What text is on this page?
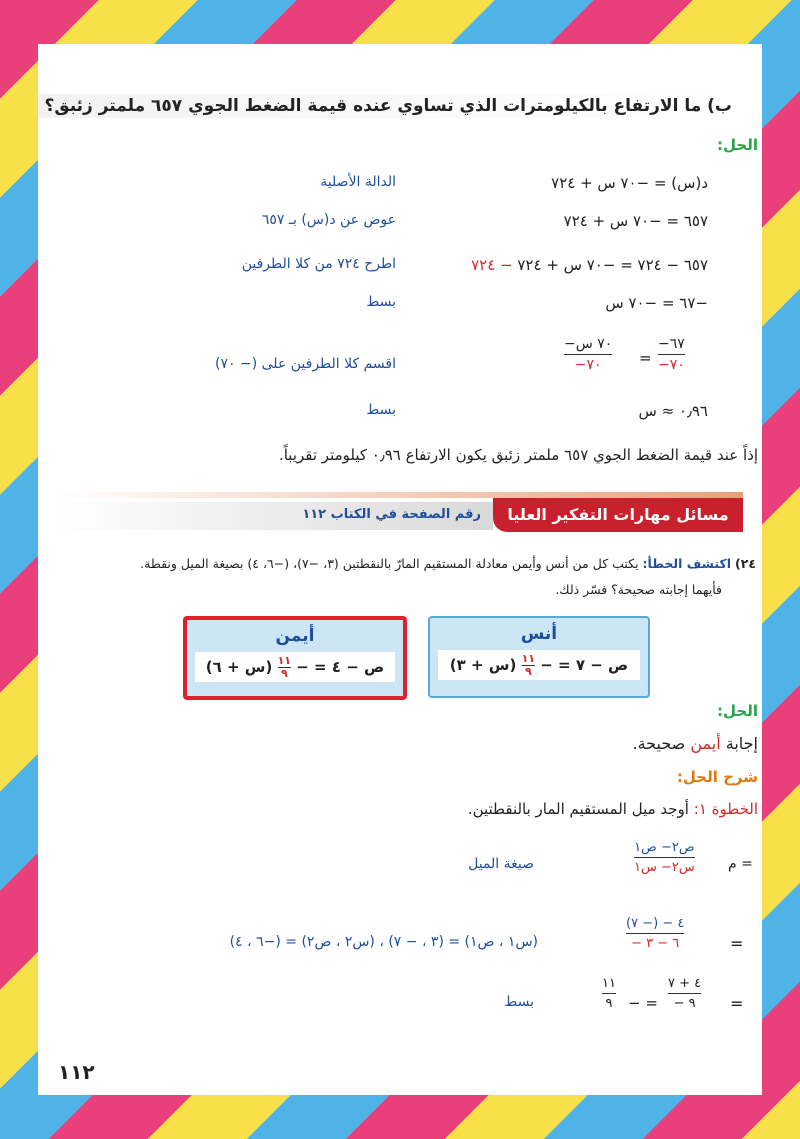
ب) ما الارتفاع بالكيلومترات الذي تساوي عنده قيمة الضغط الجوي ٦٥٧ ملمتر زئبق؟
الحل:
د(س) = −٧٠ س + ٧٢٤
الدالة الأصلية
٦٥٧ = −٧٠ س + ٧٢٤
عوض عن د(س) بـ ٦٥٧
٦٥٧ − ٧٢٤ = −٧٠ س + ٧٢٤ − ٧٢٤
اطرح ٧٢٤ من كلا الطرفين
−٦٧ = −٧٠ س
بسط
−٦٧
−٧٠
=
−٧٠ س
−٧٠
اقسم كلا الطرفين على (− ٧٠)
٠٫٩٦ ≈ س
بسط
إذاً عند قيمة الضغط الجوي ٦٥٧ ملمتر زئبق يكون الارتفاع ٠٫٩٦ كيلومتر تقريباً.
مسائل مهارات التفكير العليا
رقم الصفحة في الكتاب ١١٢
٢٤) اكتشف الخطأ: يكتب كل من أنس وأيمن معادلة المستقيم المارّ بالنقطتين (٣، −٧)، (−٦، ٤) بصيغة الميل ونقطة.
فأيهما إجابته صحيحة؟ فسّر ذلك.
أنس
ص − ٧ = −
١١
٩
(س + ٣)
أيمن
ص − ٤ = −
١١
٩
(س + ٦)
الحل:
إجابة أيمن صحيحة.
شرح الحل:
الخطوة ١: أوجد ميل المستقيم المار بالنقطتين.
م =
ص٢− ص١
س٢− س١
صيغة الميل
=
٤ − (− ٧)
− ٦ − ٣
(س١ ، ص١) = (٣ ، − ٧) ، (س٢ ، ص٢) = (−٦ ، ٤)
=
٤ + ٧
− ٩
− =
١١
٩
بسط
١١٢
